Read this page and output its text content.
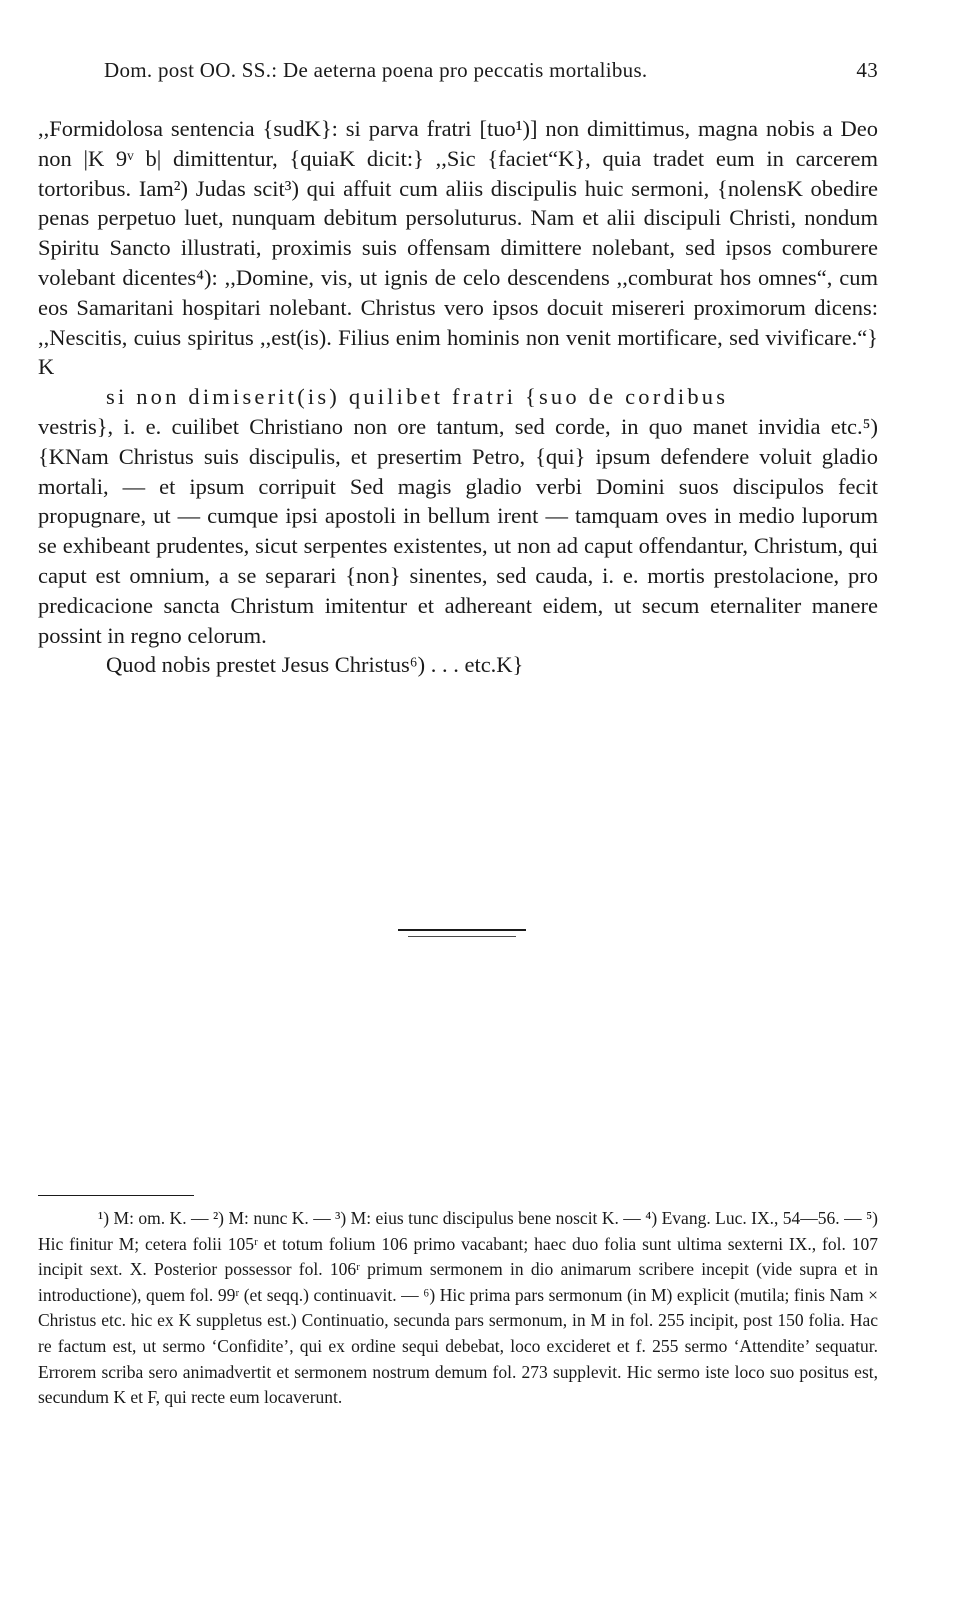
Dom. post OO. SS.: De aeterna poena pro peccatis mortalibus.	43

,,Formidolosa sentencia {sudK}: si parva fratri [tuo¹)] non dimittimus, magna nobis a Deo non |K 9ᵛ b| dimittentur, {quiaK dicit:} ,,Sic {faciet“K}, quia tradet eum in carcerem tortoribus. Iam²) Judas scit³) qui affuit cum aliis discipulis huic sermoni, {nolensK obedire penas perpetuo luet, nunquam debitum persoluturus. Nam et alii discipuli Christi, nondum Spiritu Sancto illustrati, proximis suis offensam dimittere nolebant, sed ipsos comburere volebant dicentes⁴): ,,Domine, vis, ut ignis de celo descendens ,,comburat hos omnes“, cum eos Samaritani hospitari nolebant. Christus vero ipsos docuit misereri proximorum dicens: ,,Nescitis, cuius spiritus ,,est(is). Filius enim hominis non venit mortificare, sed vivificare.“} K

si non dimiserit(is) quilibet fratri {suo de cordibus

vestris}, i. e. cuilibet Christiano non ore tantum, sed corde, in quo manet invidia etc.⁵) {KNam Christus suis discipulis, et presertim Petro, {qui} ipsum defendere voluit gladio mortali, — et ipsum corripuit Sed magis gladio verbi Domini suos discipulos fecit propugnare, ut — cumque ipsi apostoli in bellum irent — tamquam oves in medio luporum se exhibeant prudentes, sicut serpentes existentes, ut non ad caput offendantur, Christum, qui caput est omnium, a se separari {non} sinentes, sed cauda, i. e. mortis prestolacione, pro predicacione sancta Christum imitentur et adhereant eidem, ut secum eternaliter manere possint in regno celorum.

Quod nobis prestet Jesus Christus⁶) . . . etc.K}

¹) M: om. K. — ²) M: nunc K. — ³) M: eius tunc discipulus bene noscit K. — ⁴) Evang. Luc. IX., 54—56. — ⁵) Hic finitur M; cetera folii 105ʳ et totum folium 106 primo vacabant; haec duo folia sunt ultima sexterni IX., fol. 107 incipit sext. X. Posterior possessor fol. 106ʳ primum sermonem in dio animarum scribere incepit (vide supra et in introductione), quem fol. 99ʳ (et seqq.) continuavit. — ⁶) Hic prima pars sermonum (in M) explicit (mutila; finis Nam × Christus etc. hic ex K suppletus est.) Continuatio, secunda pars sermonum, in M in fol. 255 incipit, post 150 folia. Hac re factum est, ut sermo ‘Confidite’, qui ex ordine sequi debebat, loco excideret et f. 255 sermo ‘Attendite’ sequatur. Errorem scriba sero animadvertit et sermonem nostrum demum fol. 273 supplevit. Hic sermo iste loco suo positus est, secundum K et F, qui recte eum locaverunt.
